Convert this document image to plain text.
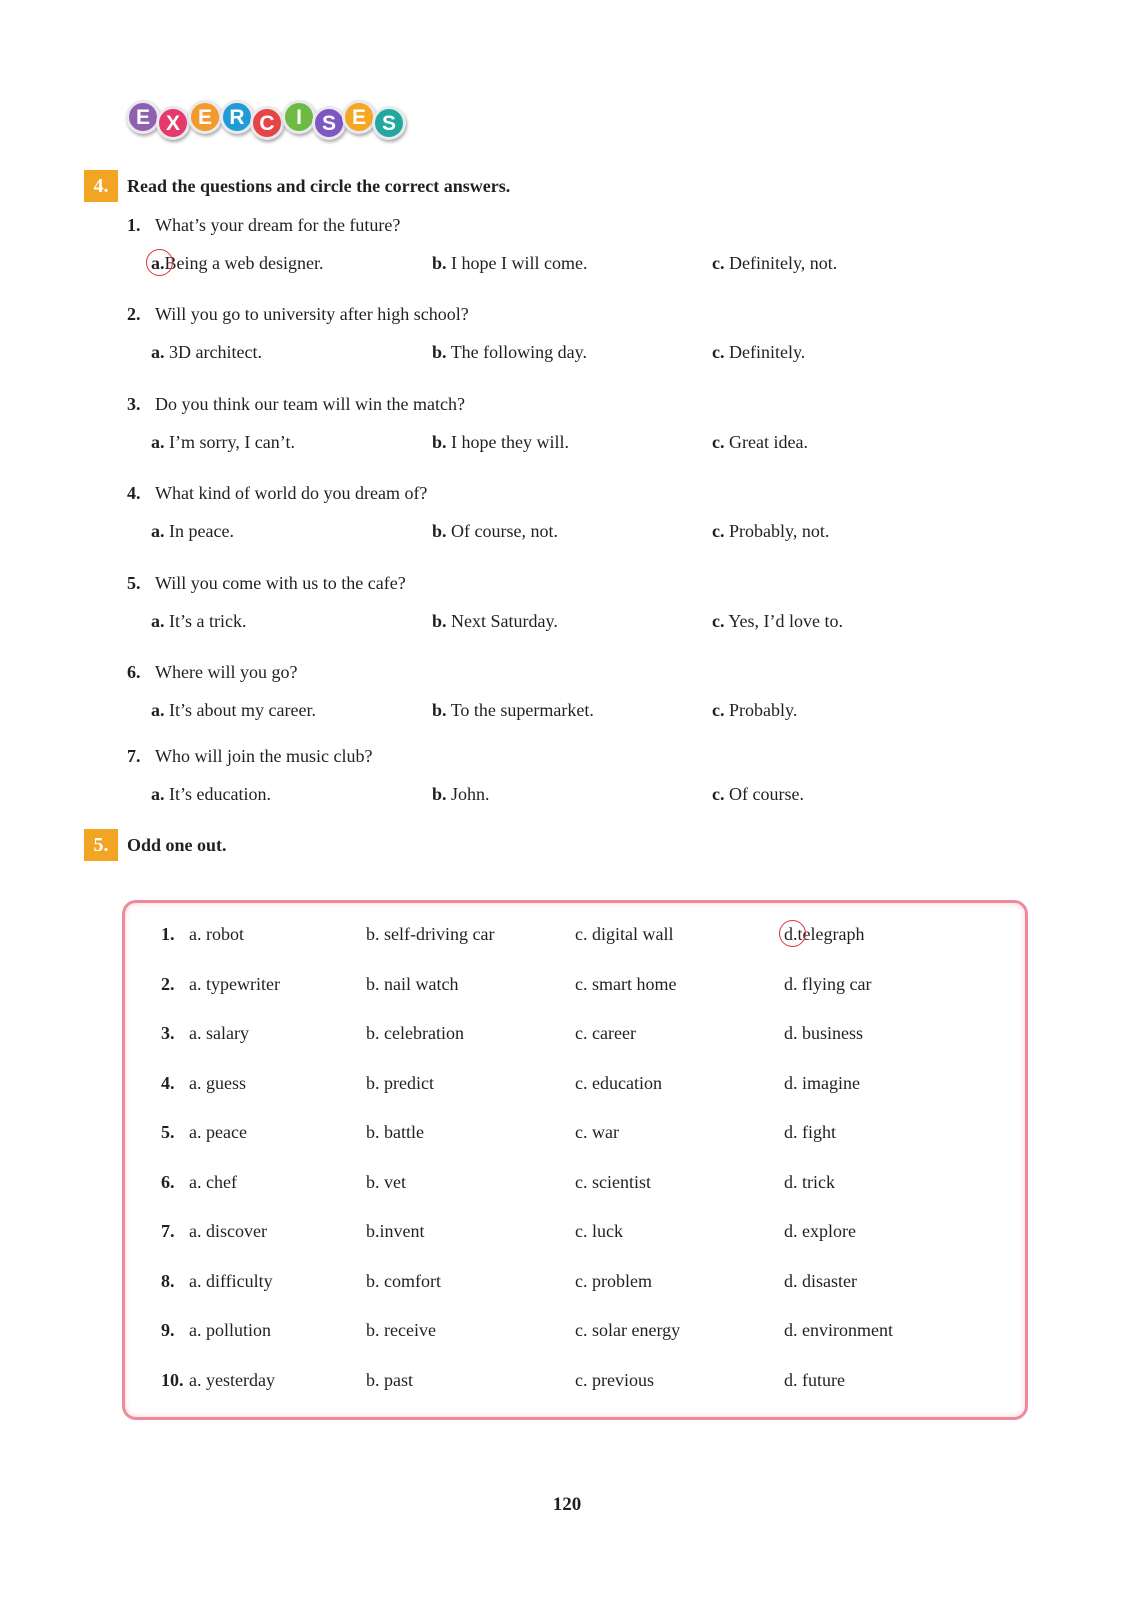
E X E R C	I S E S
4.	Read the questions and circle the correct answers.
1. What’s your dream for the future?
a.Being a web designer.	b. I hope I will come.	c. Definitely, not.
2. Will you go to university after high school?
a. 3D architect.	b. The following day.	c. Definitely.
3. Do you think our team will win the match?
a. I’m sorry, I can’t.	b. I hope they will.	c. Great idea.
4. What kind of world do you dream of?
a. In peace.	b. Of course, not.	c. Probably, not.
5. Will you come with us to the cafe?
a. It’s a trick.	b. Next Saturday.	c. Yes, I’d love to.
6. Where will you go?
a. It’s about my career.	b. To the supermarket.	c. Probably.
7. Who will join the music club?
a. It’s education.	b. John.	c. Of course.
5.	Odd one out.
1. a. robot	b. self-driving car	c. digital wall	d.telegraph
2. a. typewriter	b. nail watch	c. smart home	d. flying car
3. a. salary	b. celebration	c. career	d. business
4. a. guess	b. predict	c. education	d. imagine
5. a. peace	b. battle	c. war	d. fight
6. a. chef	b. vet	c. scientist	d. trick
7. a. discover	b.invent	c. luck	d. explore
8. a. difficulty	b. comfort	c. problem	d. disaster
9. a. pollution	b. receive	c. solar energy	d. environment
10. a. yesterday	b. past	c. previous	d. future
120
